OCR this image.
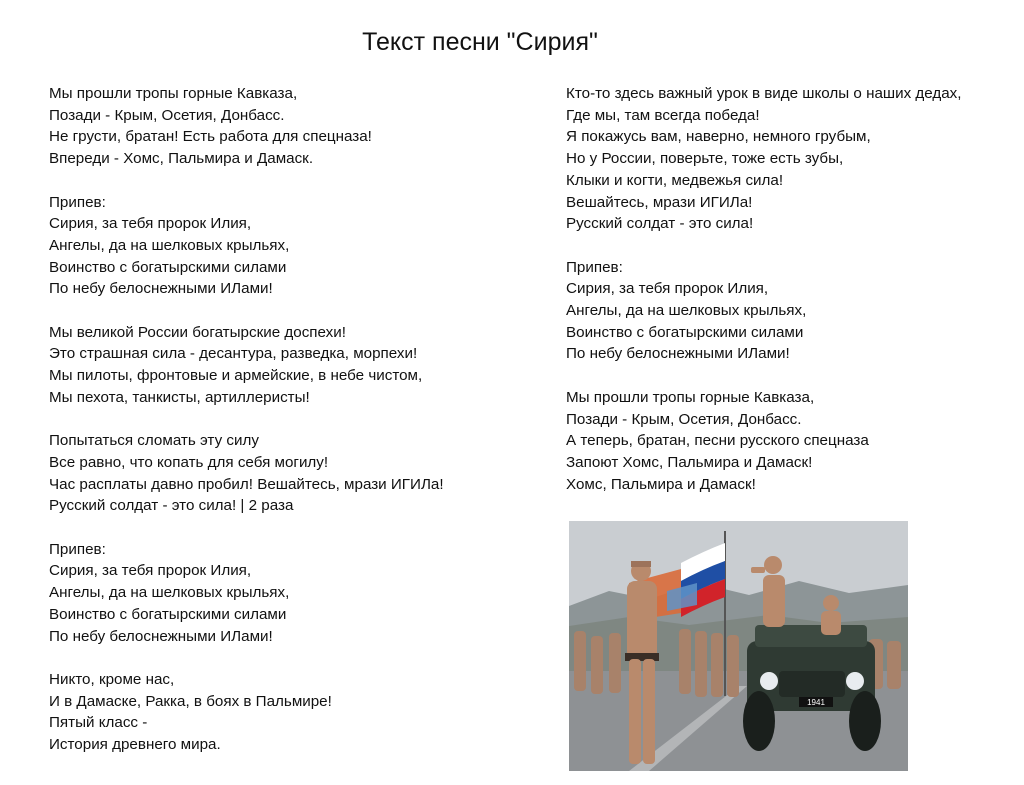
Текст песни "Сирия"
Мы прошли тропы горные Кавказа,
Позади - Крым, Осетия, Донбасс.
Не грусти, братан! Есть работа для спецназа!
Впереди - Хомс, Пальмира и Дамаск.
Припев:
Сирия, за тебя пророк Илия,
Ангелы, да на шелковых крыльях,
Воинство с богатырскими силами
По небу белоснежными ИЛами!
Мы великой России богатырские доспехи!
Это страшная сила - десантура, разведка, морпехи!
Мы пилоты, фронтовые и армейские, в небе чистом,
Мы пехота, танкисты, артиллеристы!
Попытаться сломать эту силу
Все равно, что копать для себя могилу!
Час расплаты давно пробил! Вешайтесь, мрази ИГИЛа!
Русский солдат - это сила! | 2 раза
Припев:
Сирия, за тебя пророк Илия,
Ангелы, да на шелковых крыльях,
Воинство с богатырскими силами
По небу белоснежными ИЛами!
Никто, кроме нас,
И в Дамаске, Ракка, в боях в Пальмире!
Пятый класс -
История древнего мира.
Кто-то здесь важный урок в виде школы о наших дедах,
Где мы, там всегда победа!
Я покажусь вам, наверно, немного грубым,
Но у России, поверьте, тоже есть зубы,
Клыки и когти, медвежья сила!
Вешайтесь, мрази ИГИЛа!
Русский солдат - это сила!
Припев:
Сирия, за тебя пророк Илия,
Ангелы, да на шелковых крыльях,
Воинство с богатырскими силами
По небу белоснежными ИЛами!
Мы прошли тропы горные Кавказа,
Позади - Крым, Осетия, Донбасс.
А теперь, братан, песни русского спецназа
Запоют Хомс, Пальмира и Дамаск!
Хомс, Пальмира и Дамаск!
1941
